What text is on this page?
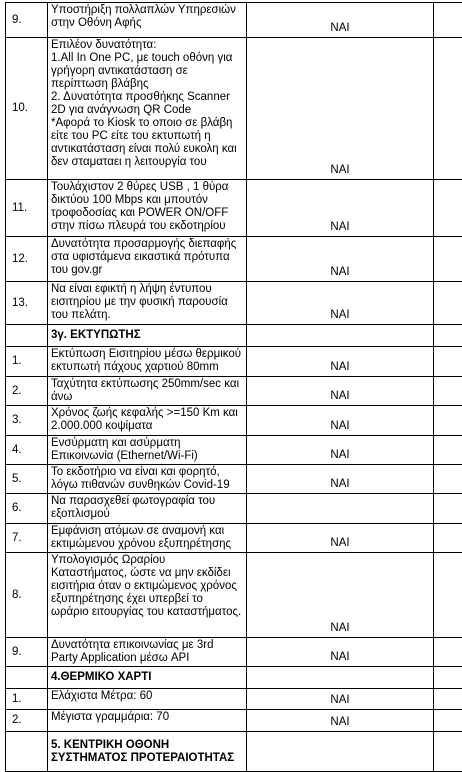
9.	Υποστήριξη πολλαπλών Υπηρεσιών στην Οθόνη Αφής	ΝΑΙ	
10.	Επιλέον δυνατότητα:
1.All In One PC, με touch οθόνη για γρήγορη αντικατάσταση σε περίπτωση βλάβης
2. Δυνατότητα προσθήκης Scanner 2D για ανάγνωση QR Code
*Αφορά το Kiosk το οποιο σε βλάβη είτε του PC είτε του εκτυπωτή η αντικατάσταση είναι πολύ ευκολη και δεν σταματαει η λειτουργία του	ΝΑΙ	
11.	Τουλάχιστον 2 θύρες USB , 1 θύρα δικτύου 100 Mbps και μπουτόν τροφοδοσίας και POWER ON/OFF στην πίσω πλευρά του εκδοτηρίου	ΝΑΙ	
12.	Δυνατότητα προσαρμογής διεπαφής στα υφιστάμενα εικαστικά πρότυπα του gov.gr	ΝΑΙ	
13.	Να είναι εφικτή η λήψη έντυπου εισιτηρίου με την φυσική παρουσία του πελάτη.	ΝΑΙ	

	3γ. ΕΚΤΥΠΩΤΗΣ		

1.	Εκτύπωση Εισιτηρίου μέσω θερμικού εκτυπωτή πάχους χαρτιού 80mm	ΝΑΙ	
2.	Ταχύτητα εκτύπωσης 250mm/sec και άνω	ΝΑΙ	
3.	Χρόνος ζωής κεφαλής >=150 Km και 2.000.000 κοψίματα	ΝΑΙ	
4.	Ενσύρματη και ασύρματη Επικοινωνία (Ethernet/Wi-Fi)	ΝΑΙ	
5.	Το εκδοτήριο να είναι και φορητό, λόγω πιθανών συνθηκών Covid-19	ΝΑΙ	
6.	Να παρασχεθεί φωτογραφία του εξοπλισμού		

7.	Εμφάνιση ατόμων σε αναμονή και εκτιμώμενου χρόνου εξυπηρέτησης	ΝΑΙ	
8.	Υπολογισμός Ωραρίου Καταστήματος, ώστε να μην εκδίδει εισιτήρια όταν ο εκτιμώμενος χρόνος εξυπηρέτησης έχει υπερβεί το ωράριο ειτουργίας του καταστήματος.	ΝΑΙ	
9.	Δυνατότητα επικοινωνίας με 3rd Party Application μέσω API	ΝΑΙ	

	4.ΘΕΡΜΙΚΟ ΧΑΡΤΙ		

1.	Ελάχιστα Μέτρα: 60	ΝΑΙ	
2.	Μέγιστα γραμμάρια: 70	ΝΑΙ	

	5. ΚΕΝΤΡΙΚΗ ΟΘΟΝΗ ΣΥΣΤΗΜΑΤΟΣ ΠΡΟΤΕΡΑΙΟΤΗΤΑΣ		
